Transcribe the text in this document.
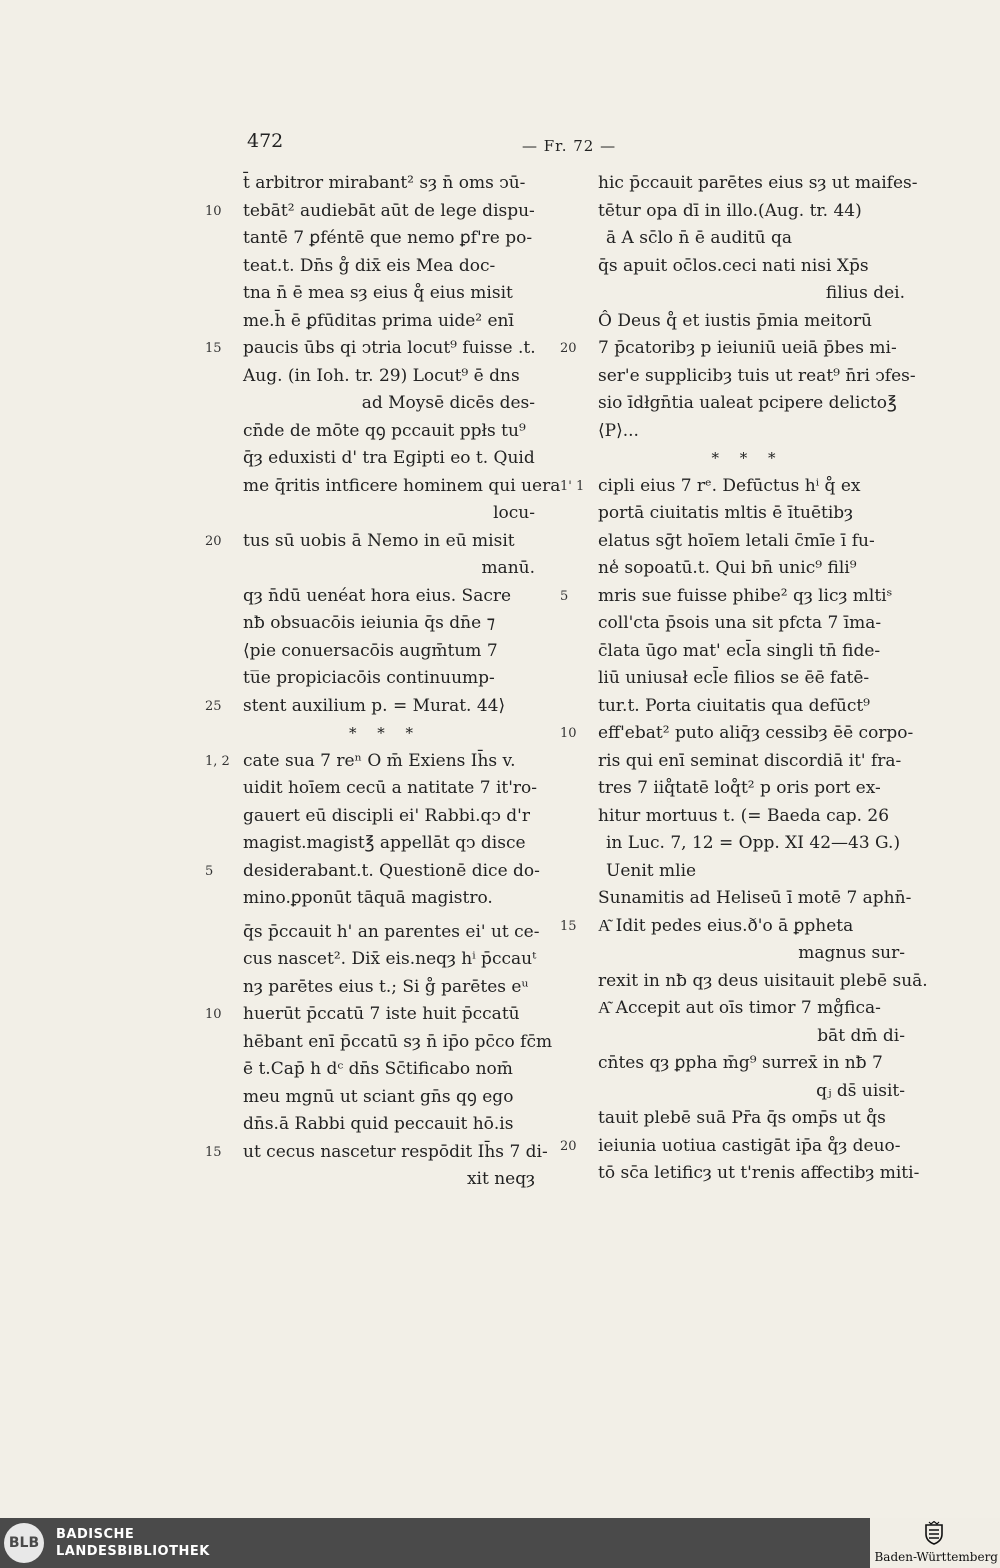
472	— Fr. 72 —
t̄ arbitror mirabant² sȝ n̄ oms ↄū-
10 tebāt² audiebāt aūt de lege dispu-
tantē 7 ꝑféntē que nemo ꝑf're po-
teat.t. Dn̄s g̊ dix̄ eis Mea doc-
tna n̄ ē mea sȝ eius q̊ eius misit
me.h̄ ē ꝑfūditas prima uide² enī
15 paucis ūbs qi ↄtria locut⁹ fuisse .t.
Aug. (in Ioh. tr. 29) Locut⁹ ē dns
ad Moysē dicēs des-
cn̄de de mōte qꝯ pccauit ppłs tu⁹
q̄ȝ eduxisti d' tra Egipti eo t. Quid
me q̄ritis intficere hominem qui uera
locu-
20 tus sū uobis ā Nemo in eū misit
manū.
qȝ n̄dū uenéat hora eius. Sacre
nƀ obsuacōis ieiunia q̄s dn̄e ⁊
⟨pie conuersacōis augm̄tum 7
tu̅e propiciacōis continuump-
25 stent auxilium p. = Murat. 44⟩
* * *
1, 2 cate sua 7 reⁿ O m̄ Exiens Ih̄s v.
uidit hoīem cecū a natitate 7 it'ro-
gauert eū discipli ei' Rabbi.qↄ d'r
magist.magist℥ appellāt qↄ disce
5 desiderabant.t. Questionē dice do-
mino.ꝑponūt tāquā magistro.
q̄s p̄ccauit h' an parentes ei' ut ce-
cus nascet². Dix̄ eis.neqȝ hⁱ p̄ccauᵗ
nȝ parētes eius t.; Si g̊ parētes eᵘ
10 huerūt p̄ccatū 7 iste huit p̄ccatū
hēbant enī p̄ccatū sȝ n̄ ip̄o pc̄co fc̄m
ē t.Cap̄ h dᶜ dn̄s Sc̄tificabo nom̄
meu mgnū ut sciant gn̄s qꝯ ego
dn̄s.ā Rabbi quid peccauit hō.is
15 ut cecus nascetur respōdit Ih̄s 7 di-
xit neqȝ
hic p̄ccauit parētes eius sȝ ut maifes-
tētur opa dī in illo.(Aug. tr. 44)
ā A sc̄lo n̄ ē auditū qa
q̄s apuit oc̄los.ceci nati nisi Xp̄s
filius dei.
Ô Deus q̊ et iustis p̄mia meitorū
20 7 p̄catoribȝ p ieiuniū ueiā p̄bes mi-
ser'e supplicibȝ tuis ut reat⁹ n̄ri ↄfes-
sio īdłgn̄tia ualeat pcipere delicto℥
⟨P⟩...
* * *
1' 1 cipli eius 7 rᵉ. Defūctus hⁱ q̊ ex
portā ciuitatis mltis ē ītuētibȝ
elatus sḡt hoīem letali c̄mīe ī fu-
ne̾ sopoatū.t. Qui bn̄ unic⁹ fili⁹
5 mris sue fuisse phibe² qȝ licȝ mltiˢ
coll'cta p̄sois una sit pfcta 7 īma-
c̄lata ūgo mat' ecl̄a singli tn̄ fide-
liū uniusał ecl̄e filios se ēē fatē-
tur.t. Porta ciuitatis qua defūct⁹
10 eff'ebat² puto aliq̄ȝ cessibȝ ēē corpo-
ris qui enī seminat discordiā it' fra-
tres 7 iiq̊tatē loq̊t² p oris port ex-
hitur mortuus t. (= Baeda cap. 26
in Luc. 7, 12 = Opp. XI 42—43 G.)
Uenit mlie
Sunamitis ad Heliseū ī motē 7 aphn̄-
15 A͂ Idit pedes eius.ð'o ā ꝑpheta
magnus sur-
rexit in nƀ qȝ deus uisitauit plebē suā.
A͂ Accepit aut oīs timor 7 mg̊fica-
bāt dm̄ di-
cn̄tes qȝ ꝑpha m̄g⁹ surrex̄ in nƀ 7
qⱼ ds̄ uisit-
tauit plebē suā Pr̄a q̄s omp̄s ut q̊s
20 ieiunia uotiua castigāt ip̄a q̊ȝ deuo-
tō sc̄a letificȝ ut t'renis affectibȝ miti-
BLB
BADISCHE
LANDESBIBLIOTHEK	Baden-Württemberg
